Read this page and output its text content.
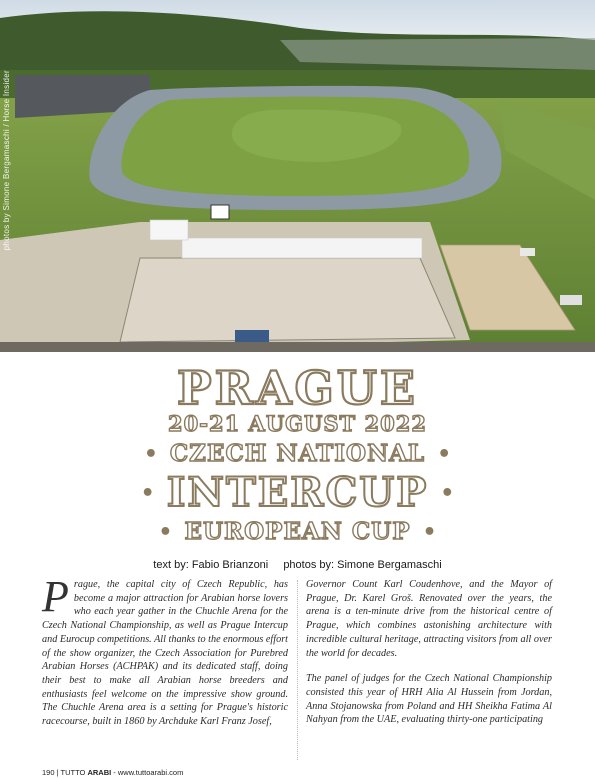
photos by Simone Bergamaschi / Horse Insider
PRAGUE
20-21 AUGUST 2022
• CZECH NATIONAL •
• INTERCUP •
• EUROPEAN CUP •
text by: Fabio Brianzoni photos by: Simone Bergamaschi

Prague, the capital city of Czech Republic, has become a major attraction for Arabian horse lovers who each year gather in the Chuchle Arena for the Czech National Championship, as well as Prague Intercup and Eurocup competitions. All thanks to the enormous effort of the show organizer, the Czech Association for Purebred Arabian Horses (ACHPAK) and its dedicated staff, doing their best to make all Arabian horse breeders and enthusiasts feel welcome on the impressive show ground. The Chuchle Arena area is a setting for Prague's historic racecourse, built in 1860 by Archduke Karl Franz Josef,

Governor Count Karl Coudenhove, and the Mayor of Prague, Dr. Karel Groš. Renovated over the years, the arena is a ten-minute drive from the historical centre of Prague, which combines astonishing architecture with incredible cultural heritage, attracting visitors from all over the world for decades.

The panel of judges for the Czech National Championship consisted this year of HRH Alia Al Hussein from Jordan, Anna Stojanowska from Poland and HH Sheikha Fatima Al Nahyan from the UAE, evaluating thirty-one participating

190 | TUTTO ARABI - www.tuttoarabi.com
